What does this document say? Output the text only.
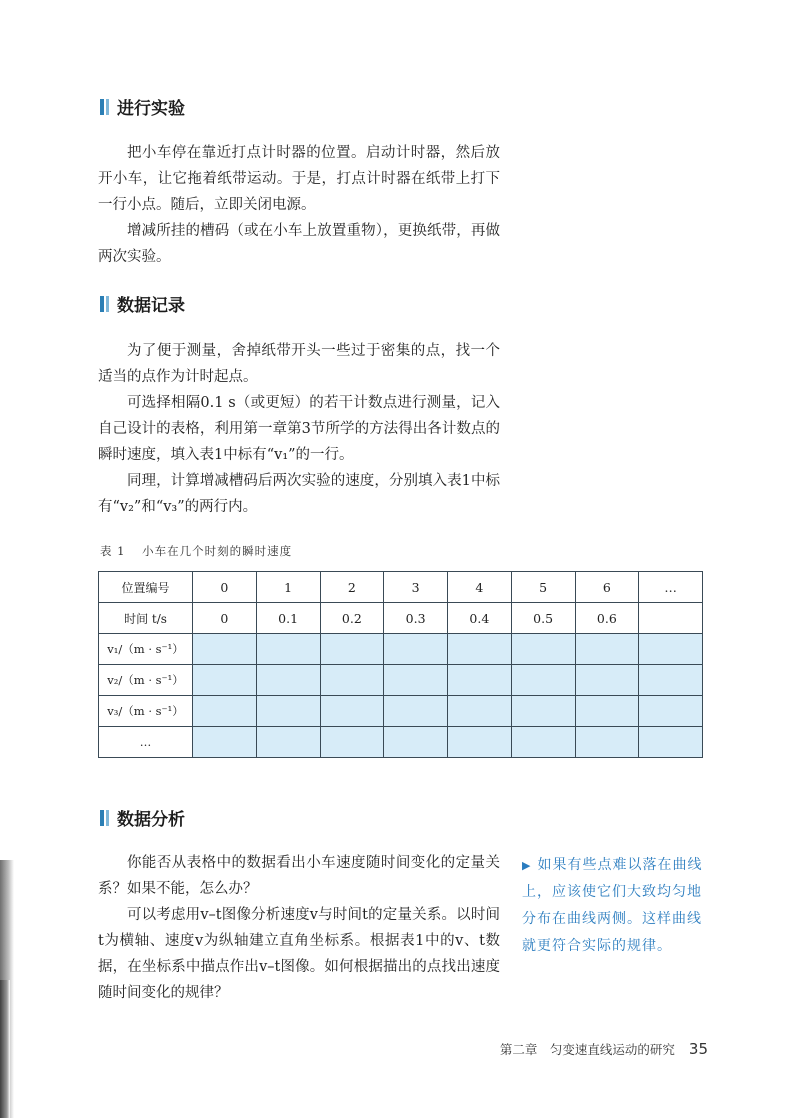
进行实验

把小车停在靠近打点计时器的位置。启动计时器，然后放开小车，让它拖着纸带运动。于是，打点计时器在纸带上打下一行小点。随后，立即关闭电源。

增减所挂的槽码（或在小车上放置重物），更换纸带，再做两次实验。

数据记录

为了便于测量，舍掉纸带开头一些过于密集的点，找一个适当的点作为计时起点。

可选择相隔0.1 s（或更短）的若干计数点进行测量，记入自己设计的表格，利用第一章第3节所学的方法得出各计数点的瞬时速度，填入表1中标有“v₁”的一行。

同理，计算增减槽码后两次实验的速度，分别填入表1中标有“v₂”和“v₃”的两行内。

表 1 小车在几个时刻的瞬时速度
位置编号	0	1	2	3	4	5	6	…
时间 t/s	0	0.1	0.2	0.3	0.4	0.5	0.6	
v₁/（m · s⁻¹）								
v₂/（m · s⁻¹）								
v₃/（m · s⁻¹）								
…								
数据分析

你能否从表格中的数据看出小车速度随时间变化的定量关系？如果不能，怎么办？

可以考虑用v–t图像分析速度v与时间t的定量关系。以时间t为横轴、速度v为纵轴建立直角坐标系。根据表1中的v、t数据，在坐标系中描点作出v–t图像。如何根据描出的点找出速度随时间变化的规律？

▶ 如果有些点难以落在曲线上，应该使它们大致均匀地分布在曲线两侧。这样曲线就更符合实际的规律。

第二章　匀变速直线运动的研究 35
